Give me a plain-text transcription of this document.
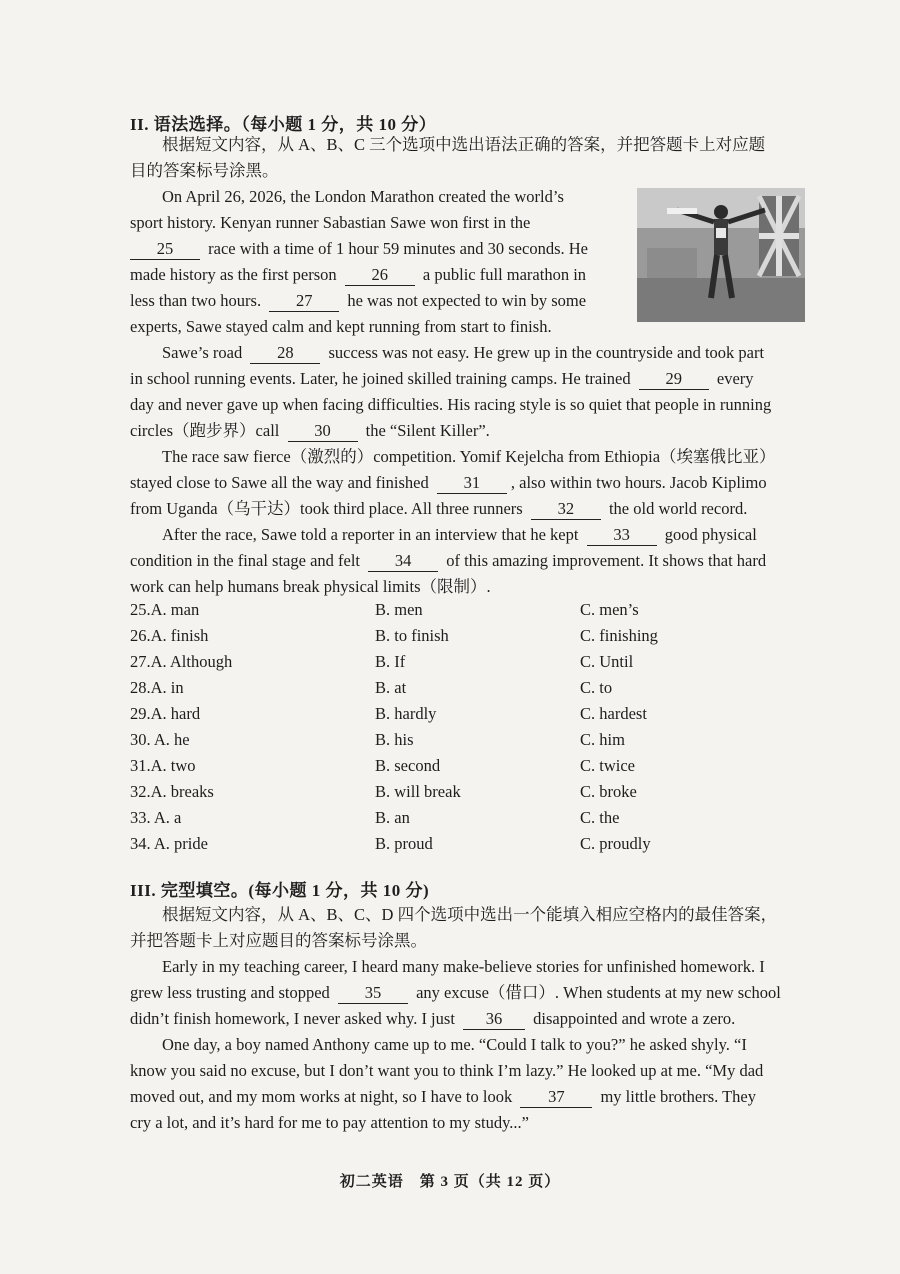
II. 语法选择。（每小题 1 分，共 10 分）
根据短文内容，从 A、B、C 三个选项中选出语法正确的答案，并把答题卡上对应题
目的答案标号涂黑。
On April 26, 2026, the London Marathon created the world’s
sport history. Kenyan runner Sabastian Sawe won first in the
25 race with a time of 1 hour 59 minutes and 30 seconds. He
made history as the first person 26 a public full marathon in
less than two hours. 27 he was not expected to win by some
experts, Sawe stayed calm and kept running from start to finish.
Sawe’s road 28 success was not easy. He grew up in the countryside and took part
in school running events. Later, he joined skilled training camps. He trained 29 every
day and never gave up when facing difficulties. His racing style is so quiet that people in running
circles（跑步界）call 30 the “Silent Killer”.
The race saw fierce（激烈的）competition. Yomif Kejelcha from Ethiopia（埃塞俄比亚）
stayed close to Sawe all the way and finished 31 , also within two hours. Jacob Kiplimo
from Uganda（乌干达）took third place. All three runners 32 the old world record.
After the race, Sawe told a reporter in an interview that he kept 33 good physical
condition in the final stage and felt 34 of this amazing improvement. It shows that hard
work can help humans break physical limits（限制）.
25.A. man	B. men	C. men’s
26.A. finish	B. to finish	C. finishing
27.A. Although	B. If	C. Until
28.A. in	B. at	C. to
29.A. hard	B. hardly	C. hardest
30. A. he	B. his	C. him
31.A. two	B. second	C. twice
32.A. breaks	B. will break	C. broke
33. A. a	B. an	C. the
34. A. pride	B. proud	C. proudly
III. 完型填空。(每小题 1 分，共 10 分)
根据短文内容，从 A、B、C、D 四个选项中选出一个能填入相应空格内的最佳答案，
并把答题卡上对应题目的答案标号涂黑。
Early in my teaching career, I heard many make-believe stories for unfinished homework. I
grew less trusting and stopped 35 any excuse（借口）. When students at my new school
didn’t finish homework, I never asked why. I just 36 disappointed and wrote a zero.
One day, a boy named Anthony came up to me. “Could I talk to you?” he asked shyly. “I
know you said no excuse, but I don’t want you to think I’m lazy.” He looked up at me. “My dad
moved out, and my mom works at night, so I have to look 37 my little brothers. They
cry a lot, and it’s hard for me to pay attention to my study...”
初二英语　第 3 页（共 12 页）
